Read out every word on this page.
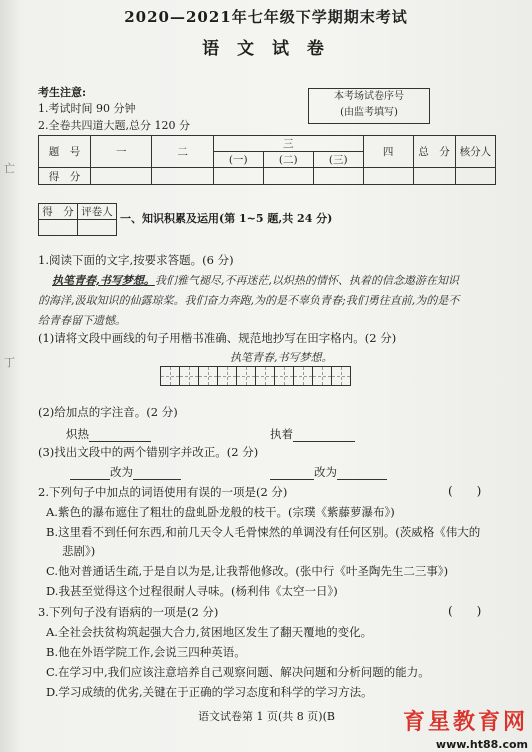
2020—2021年七年级下学期期末考试
语 文 试 卷
考生注意:
1.考试时间 90 分钟
2.全卷共四道大题,总分 120 分
本考场试卷序号
(由监考填写)
题　号	一	二	三			四	总　分	核分人
			(一)	(二)	(三)			
得　分								
得　分	评卷人
	一、知识积累及运用(第 1~5 题,共 24 分)
1.阅读下面的文字,按要求答题。(6 分)
执笔青春,书写梦想。我们雅气褪尽,不再迷茫,以炽热的情怀、执着的信念遨游在知识
的海洋,汲取知识的仙露琼桨。我们奋力奔跑,为的是不辜负青春;我们勇往直前,为的是不
给青春留下遗憾。
(1)请将文段中画线的句子用楷书准确、规范地抄写在田字格内。(2 分)
执笔青春,书写梦想。
(2)给加点的字注音。(2 分)
炽热	执着
(3)找出文段中的两个错别字并改正。(2 分)
改为	改为
2.下列句子中加点的词语使用有误的一项是(2 分)	(　　)
A.紫色的瀑布遮住了粗壮的盘虬卧龙般的枝干。(宗璞《紫藤萝瀑布》)
B.这里看不到任何东西,和前几天令人毛骨悚然的单调没有任何区别。(茨威格《伟大的
悲剧》)
C.他对普通话生疏,于是自以为是,让我帮他修改。(张中行《叶圣陶先生二三事》)
D.我甚至觉得这个过程很耐人寻味。(杨利伟《太空一日》)
3.下列句子没有语病的一项是(2 分)	(　　)
A.全社会扶贫构筑起强大合力,贫困地区发生了翻天覆地的变化。
B.他在外语学院工作,会说三四种英语。
C.在学习中,我们应该注意培养自己观察问题、解决问题和分析问题的能力。
D.学习成绩的优劣,关键在于正确的学习态度和科学的学习方法。
语文试卷第 1 页(共 8 页)(B
亡
丁
育星教育网
www.ht88.com
